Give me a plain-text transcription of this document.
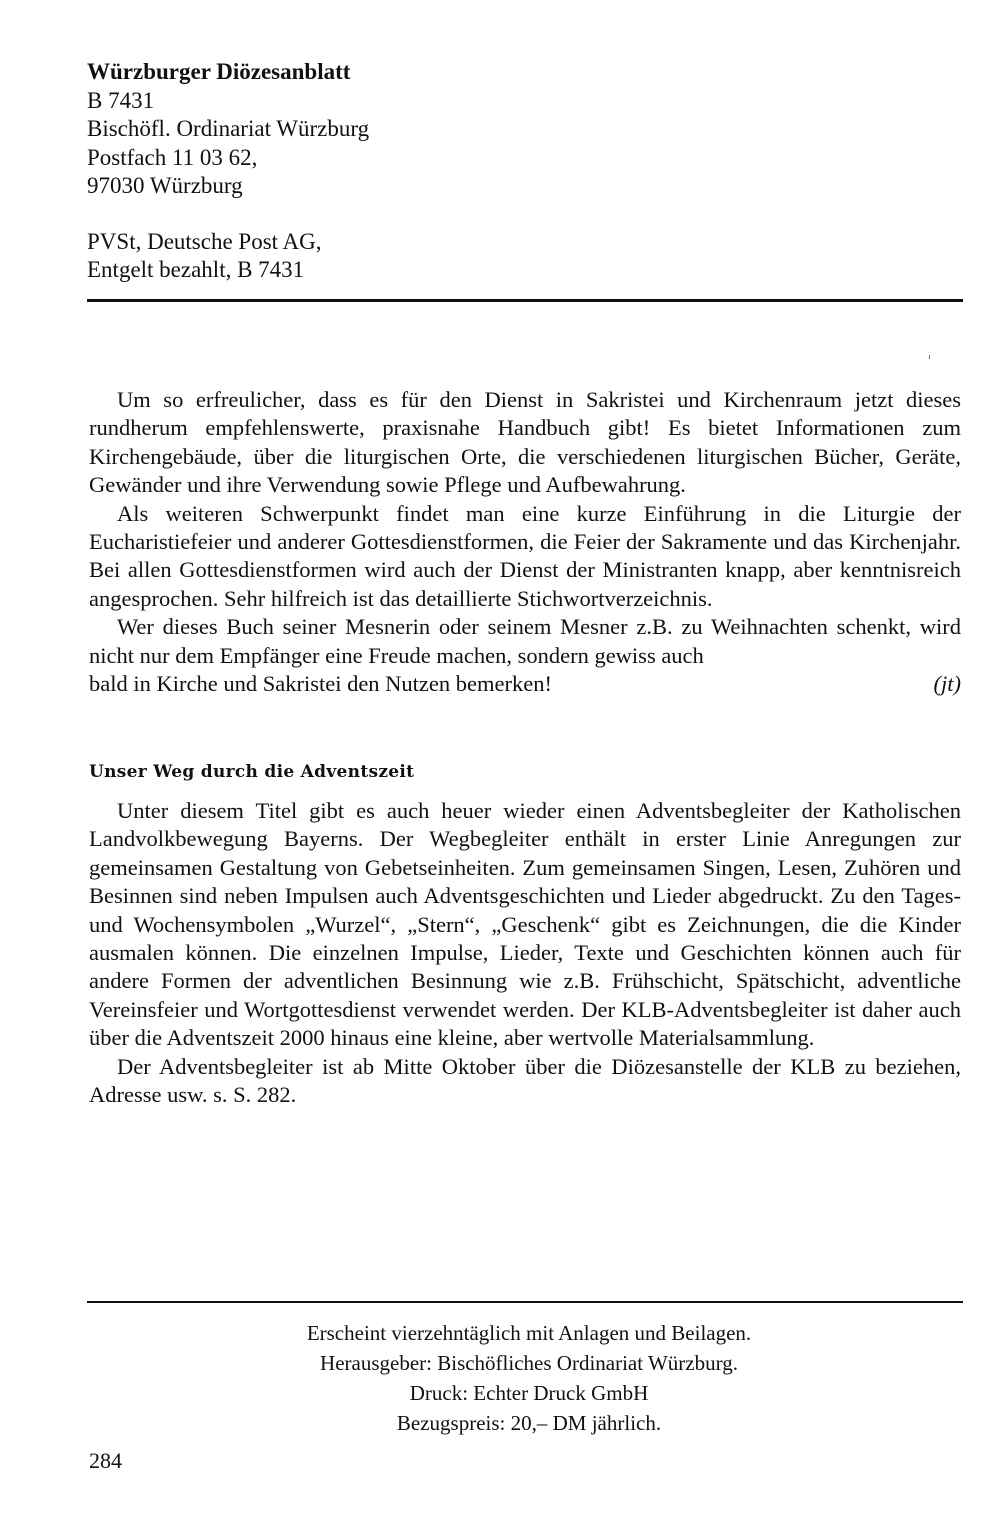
Würzburger Diözesanblatt
B 7431
Bischöfl. Ordinariat Würzburg
Postfach 11 03 62,
97030 Würzburg
PVSt, Deutsche Post AG,
Entgelt bezahlt, B 7431

Um so erfreulicher, dass es für den Dienst in Sakristei und Kirchenraum jetzt dieses rundherum empfehlenswerte, praxisnahe Handbuch gibt! Es bietet Informationen zum Kirchengebäude, über die liturgischen Orte, die verschiedenen liturgischen Bücher, Geräte, Gewänder und ihre Verwendung sowie Pflege und Aufbewahrung.

Als weiteren Schwerpunkt findet man eine kurze Einführung in die Liturgie der Eucharistiefeier und anderer Gottesdienstformen, die Feier der Sakramente und das Kirchenjahr. Bei allen Gottesdienstformen wird auch der Dienst der Ministranten knapp, aber kenntnisreich angesprochen. Sehr hilfreich ist das detaillierte Stichwortverzeichnis.

Wer dieses Buch seiner Mesnerin oder seinem Mesner z.B. zu Weihnachten schenkt, wird nicht nur dem Empfänger eine Freude machen, sondern gewiss auch

bald in Kirche und Sakristei den Nutzen bemerken!	(jt)
Unser Weg durch die Adventszeit

Unter diesem Titel gibt es auch heuer wieder einen Adventsbegleiter der Katholischen Landvolkbewegung Bayerns. Der Wegbegleiter enthält in erster Linie Anregungen zur gemeinsamen Gestaltung von Gebetseinheiten. Zum gemeinsamen Singen, Lesen, Zuhören und Besinnen sind neben Impulsen auch Adventsgeschichten und Lieder abgedruckt. Zu den Tages- und Wochensymbolen „Wurzel“, „Stern“, „Geschenk“ gibt es Zeichnungen, die die Kinder ausmalen können. Die einzelnen Impulse, Lieder, Texte und Geschichten können auch für andere Formen der adventlichen Besinnung wie z.B. Frühschicht, Spätschicht, adventliche Vereinsfeier und Wortgottesdienst verwendet werden. Der KLB-Adventsbegleiter ist daher auch über die Adventszeit 2000 hinaus eine kleine, aber wertvolle Materialsammlung.

Der Adventsbegleiter ist ab Mitte Oktober über die Diözesanstelle der KLB zu beziehen, Adresse usw. s. S. 282.

Erscheint vierzehntäglich mit Anlagen und Beilagen.
Herausgeber: Bischöfliches Ordinariat Würzburg.
Druck: Echter Druck GmbH
Bezugspreis: 20,– DM jährlich.
284
